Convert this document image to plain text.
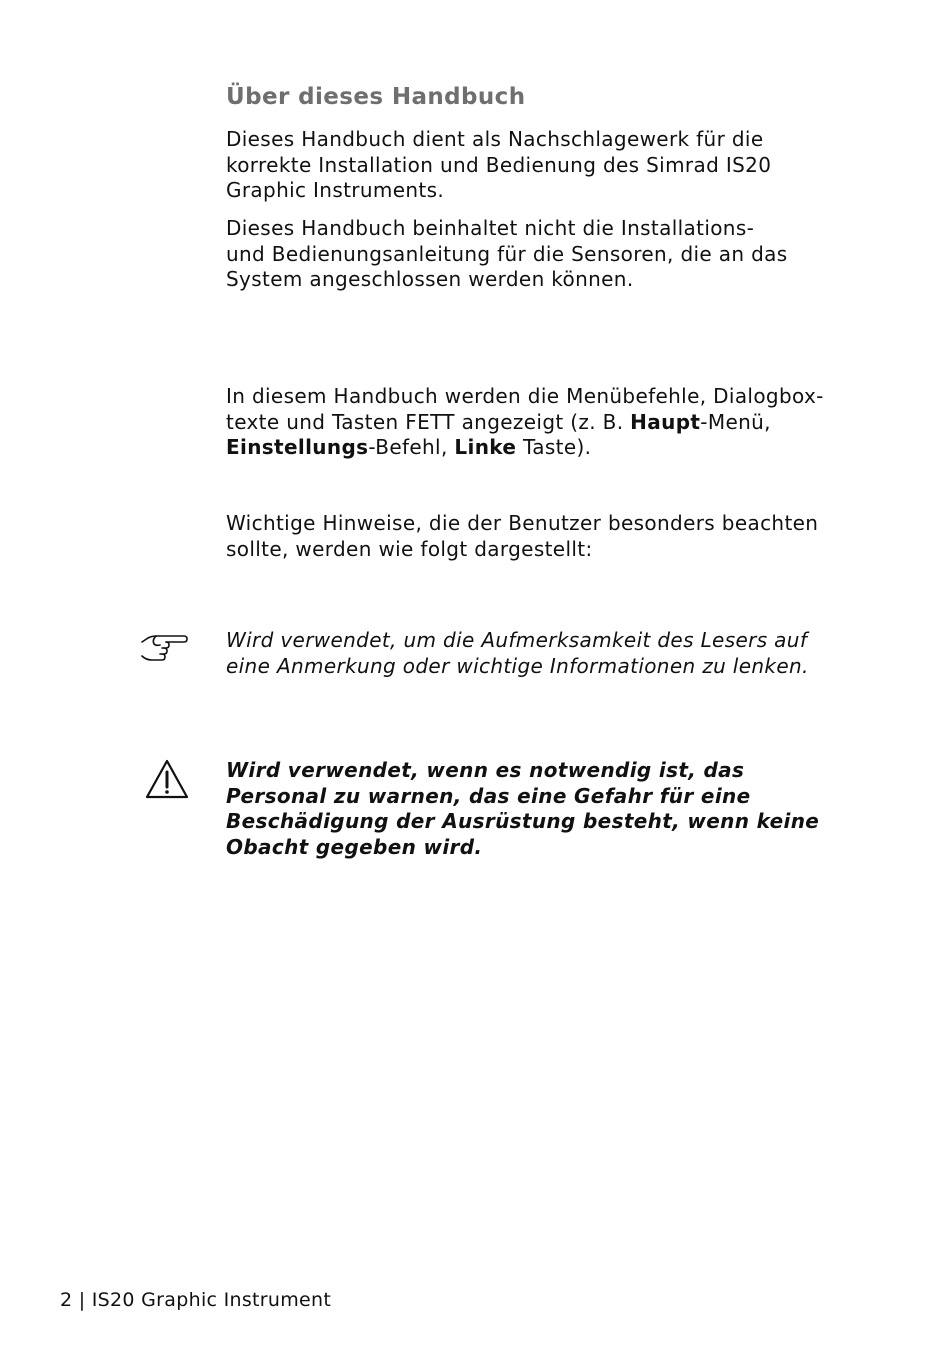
Über dieses Handbuch

Dieses Handbuch dient als Nachschlagewerk für die
korrekte Installation und Bedienung des Simrad IS20
Graphic Instruments.

Dieses Handbuch beinhaltet nicht die Installations-
und Bedienungsanleitung für die Sensoren, die an das
System angeschlossen werden können.

In diesem Handbuch werden die Menübefehle, Dialogbox-
texte und Tasten FETT angezeigt (z. B. Haupt-Menü,
Einstellungs-Befehl, Linke Taste).

Wichtige Hinweise, die der Benutzer besonders beachten
sollte, werden wie folgt dargestellt:

Wird verwendet, um die Aufmerksamkeit des Lesers auf
eine Anmerkung oder wichtige Informationen zu lenken.

Wird verwendet, wenn es notwendig ist, das
Personal zu warnen, das eine Gefahr für eine
Beschädigung der Ausrüstung besteht, wenn keine
Obacht gegeben wird.

2 | IS20 Graphic Instrument
